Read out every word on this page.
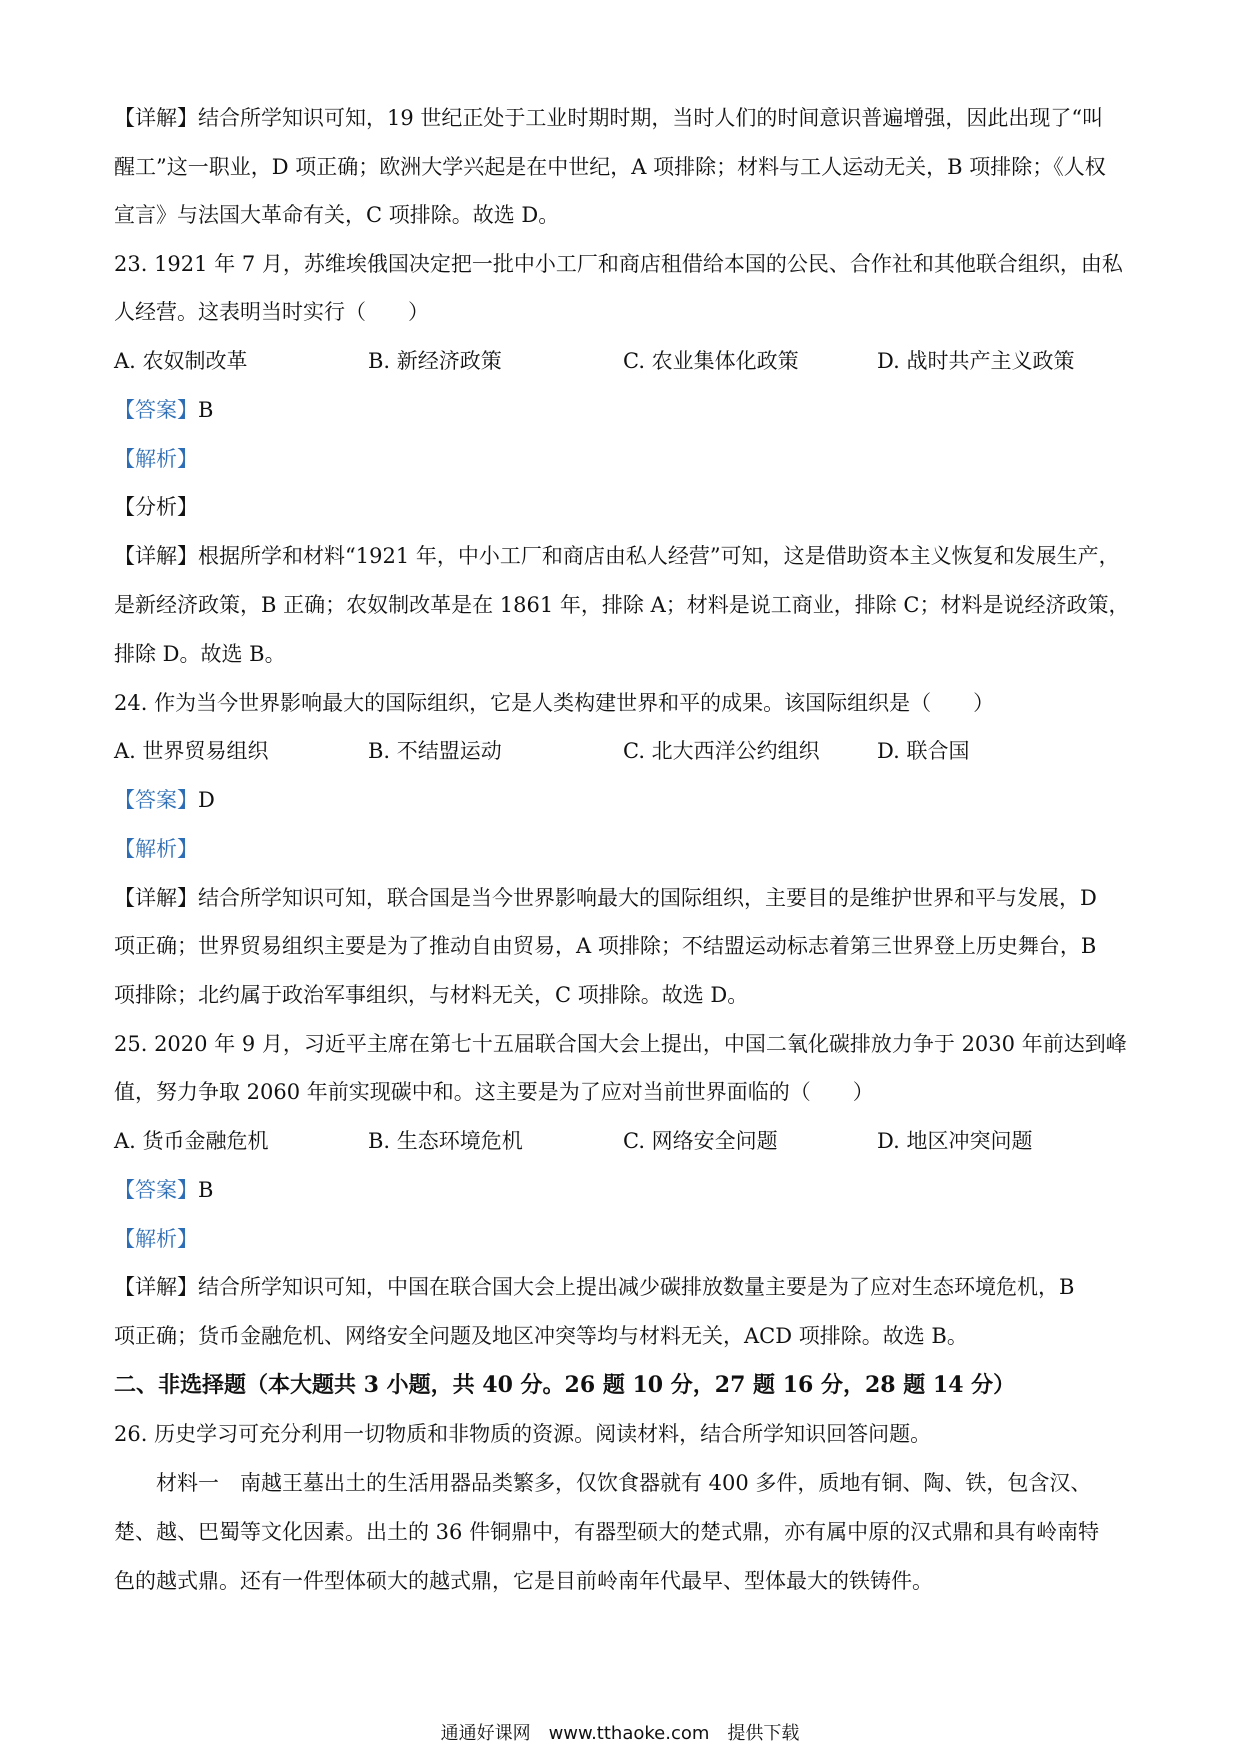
【详解】结合所学知识可知，19 世纪正处于工业时期时期，当时人们的时间意识普遍增强，因此出现了“叫
醒工”这一职业，D 项正确；欧洲大学兴起是在中世纪，A 项排除；材料与工人运动无关，B 项排除；《人权
宣言》与法国大革命有关，C 项排除。故选 D。
23. 1921 年 7 月，苏维埃俄国决定把一批中小工厂和商店租借给本国的公民、合作社和其他联合组织，由私
人经营。这表明当时实行（　　）
A. 农奴制改革	B. 新经济政策	C. 农业集体化政策	D. 战时共产主义政策
【答案】B
【解析】
【分析】
【详解】根据所学和材料“1921 年，中小工厂和商店由私人经营”可知，这是借助资本主义恢复和发展生产，
是新经济政策，B 正确；农奴制改革是在 1861 年，排除 A；材料是说工商业，排除 C；材料是说经济政策，
排除 D。故选 B。
24. 作为当今世界影响最大的国际组织，它是人类构建世界和平的成果。该国际组织是（　　）
A. 世界贸易组织	B. 不结盟运动	C. 北大西洋公约组织	D. 联合国
【答案】D
【解析】
【详解】结合所学知识可知，联合国是当今世界影响最大的国际组织，主要目的是维护世界和平与发展，D
项正确；世界贸易组织主要是为了推动自由贸易，A 项排除；不结盟运动标志着第三世界登上历史舞台，B
项排除；北约属于政治军事组织，与材料无关，C 项排除。故选 D。
25. 2020 年 9 月，习近平主席在第七十五届联合国大会上提出，中国二氧化碳排放力争于 2030 年前达到峰
值，努力争取 2060 年前实现碳中和。这主要是为了应对当前世界面临的（　　）
A. 货币金融危机	B. 生态环境危机	C. 网络安全问题	D. 地区冲突问题
【答案】B
【解析】
【详解】结合所学知识可知，中国在联合国大会上提出减少碳排放数量主要是为了应对生态环境危机，B
项正确；货币金融危机、网络安全问题及地区冲突等均与材料无关，ACD 项排除。故选 B。
二、非选择题（本大题共 3 小题，共 40 分。26 题 10 分，27 题 16 分，28 题 14 分）
26. 历史学习可充分利用一切物质和非物质的资源。阅读材料，结合所学知识回答问题。
材料一　南越王墓出土的生活用器品类繁多，仅饮食器就有 400 多件，质地有铜、陶、铁，包含汉、
楚、越、巴蜀等文化因素。出土的 36 件铜鼎中，有器型硕大的楚式鼎，亦有属中原的汉式鼎和具有岭南特
色的越式鼎。还有一件型体硕大的越式鼎，它是目前岭南年代最早、型体最大的铁铸件。
通通好课网　www.tthaoke.com　提供下载
